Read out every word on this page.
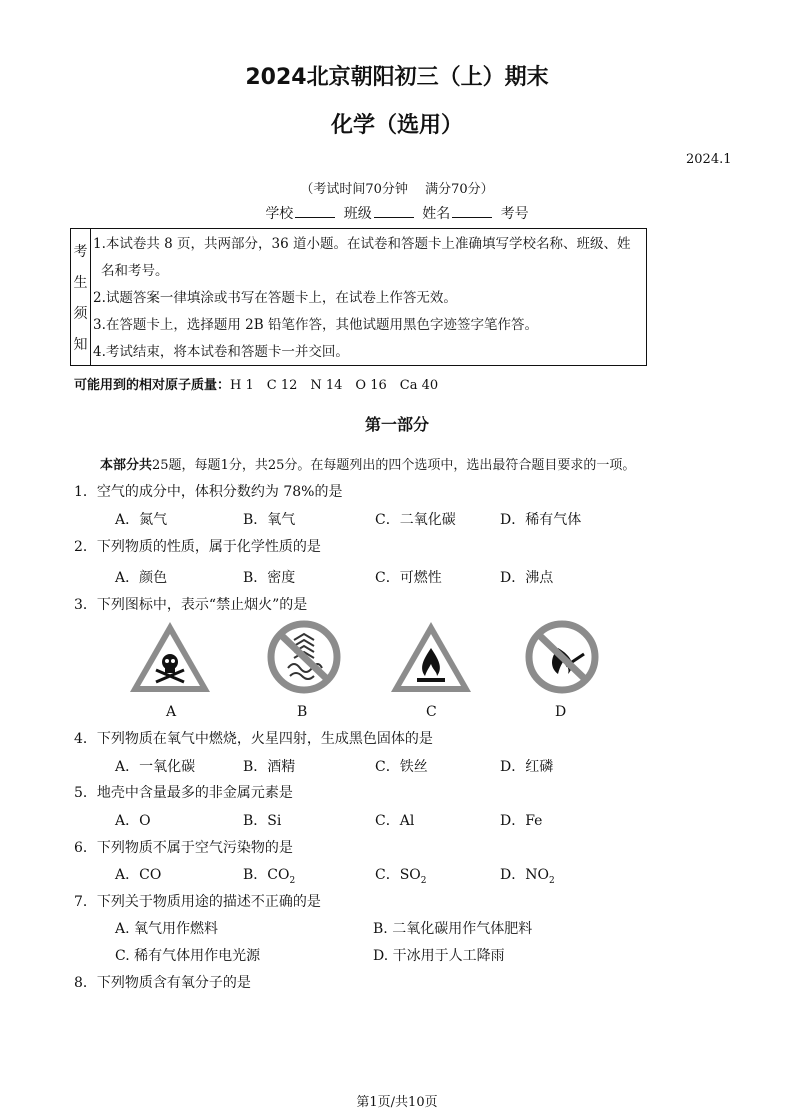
2024北京朝阳初三（上）期末
化学（选用）
2024.1
（考试时间70分钟　 满分70分）
学校	班级	姓名	考号
考
生
须
知
1.本试卷共 8 页，共两部分，36 道小题。在试卷和答题卡上准确填写学校名称、班级、姓
名和考号。
2.试题答案一律填涂或书写在答题卡上，在试卷上作答无效。
3.在答题卡上，选择题用 2B 铅笔作答，其他试题用黑色字迹签字笔作答。
4.考试结束，将本试卷和答题卡一并交回。
可能用到的相对原子质量：H 1　C 12　N 14　O 16　Ca 40
第一部分
本部分共25题，每题1分，共25分。在每题列出的四个选项中，选出最符合题目要求的一项。
1．空气的成分中，体积分数约为 78%的是
A．氮气	B．氧气	C．二氧化碳	D．稀有气体
2．下列物质的性质，属于化学性质的是
A．颜色	B．密度	C．可燃性	D．沸点
3．下列图标中，表示“禁止烟火”的是
A	B	C	D
4．下列物质在氧气中燃烧，火星四射，生成黑色固体的是
A．一氧化碳	B．酒精	C．铁丝	D．红磷
5．地壳中含量最多的非金属元素是
A．O	B．Si	C．Al	D．Fe
6．下列物质不属于空气污染物的是
A．CO	B．$CO_2$	C．$SO_2$	D．$NO_2$
7．下列关于物质用途的描述不正确的是
A. 氧气用作燃料	B. 二氧化碳用作气体肥料
C. 稀有气体用作电光源	D. 干冰用于人工降雨
8．下列物质含有氧分子的是
第1页/共10页
